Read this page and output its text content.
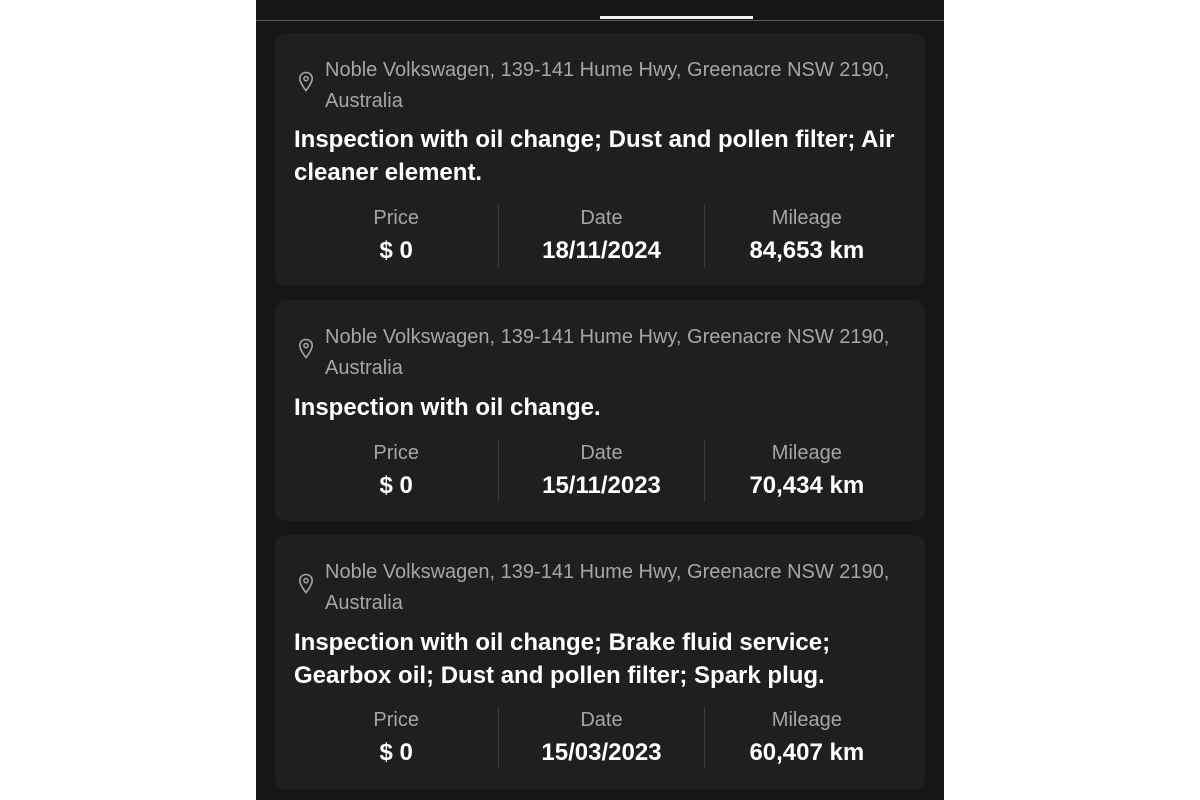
Noble Volkswagen, 139-141 Hume Hwy, Greenacre NSW 2190, Australia
Inspection with oil change; Dust and pollen filter; Air cleaner element.
Price
$ 0
Date
18/11/2024
Mileage
84,653 km
Noble Volkswagen, 139-141 Hume Hwy, Greenacre NSW 2190, Australia
Inspection with oil change.
Price
$ 0
Date
15/11/2023
Mileage
70,434 km
Noble Volkswagen, 139-141 Hume Hwy, Greenacre NSW 2190, Australia
Inspection with oil change; Brake fluid service; Gearbox oil; Dust and pollen filter; Spark plug.
Price
$ 0
Date
15/03/2023
Mileage
60,407 km
